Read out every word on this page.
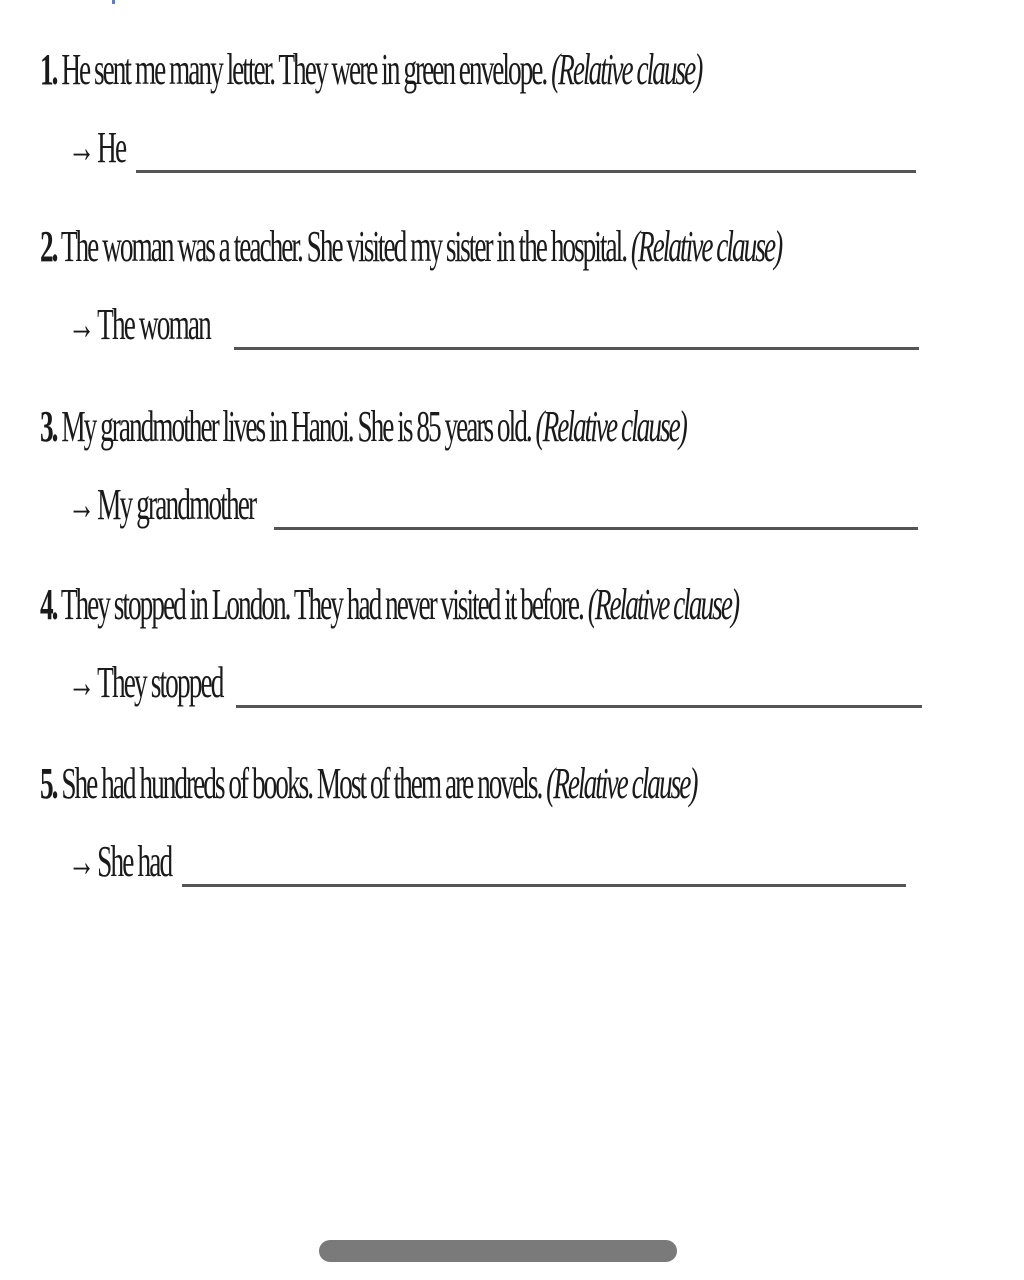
1. He sent me many letter. They were in green envelope. (Relative clause)
→He
2. The woman was a teacher. She visited my sister in the hospital. (Relative clause)
→The woman
3. My grandmother lives in Hanoi. She is 85 years old. (Relative clause)
→My grandmother
4. They stopped in London. They had never visited it before. (Relative clause)
→They stopped
5. She had hundreds of books. Most of them are novels. (Relative clause)
→She had
